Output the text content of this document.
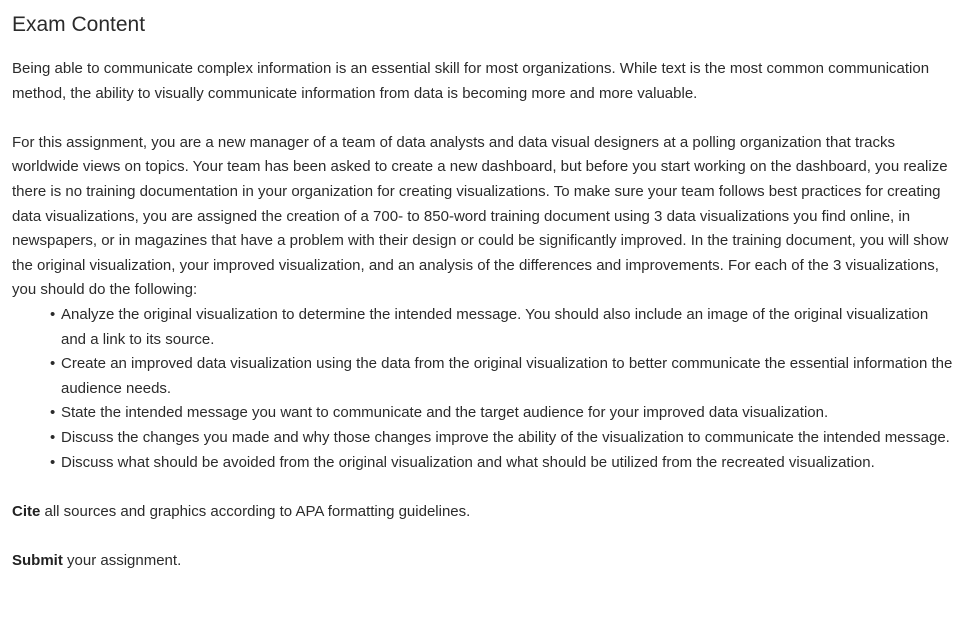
Exam Content

Being able to communicate complex information is an essential skill for most organizations. While text is the most common communication method, the ability to visually communicate information from data is becoming more and more valuable.

For this assignment, you are a new manager of a team of data analysts and data visual designers at a polling organization that tracks worldwide views on topics. Your team has been asked to create a new dashboard, but before you start working on the dashboard, you realize there is no training documentation in your organization for creating visualizations. To make sure your team follows best practices for creating data visualizations, you are assigned the creation of a 700- to 850-word training document using 3 data visualizations you find online, in newspapers, or in magazines that have a problem with their design or could be significantly improved. In the training document, you will show the original visualization, your improved visualization, and an analysis of the differences and improvements. For each of the 3 visualizations, you should do the following:

• Analyze the original visualization to determine the intended message. You should also include an image of the original visualization and a link to its source.
• Create an improved data visualization using the data from the original visualization to better communicate the essential information the audience needs.
• State the intended message you want to communicate and the target audience for your improved data visualization.
• Discuss the changes you made and why those changes improve the ability of the visualization to communicate the intended message.
• Discuss what should be avoided from the original visualization and what should be utilized from the recreated visualization.

Cite all sources and graphics according to APA formatting guidelines.

Submit your assignment.
